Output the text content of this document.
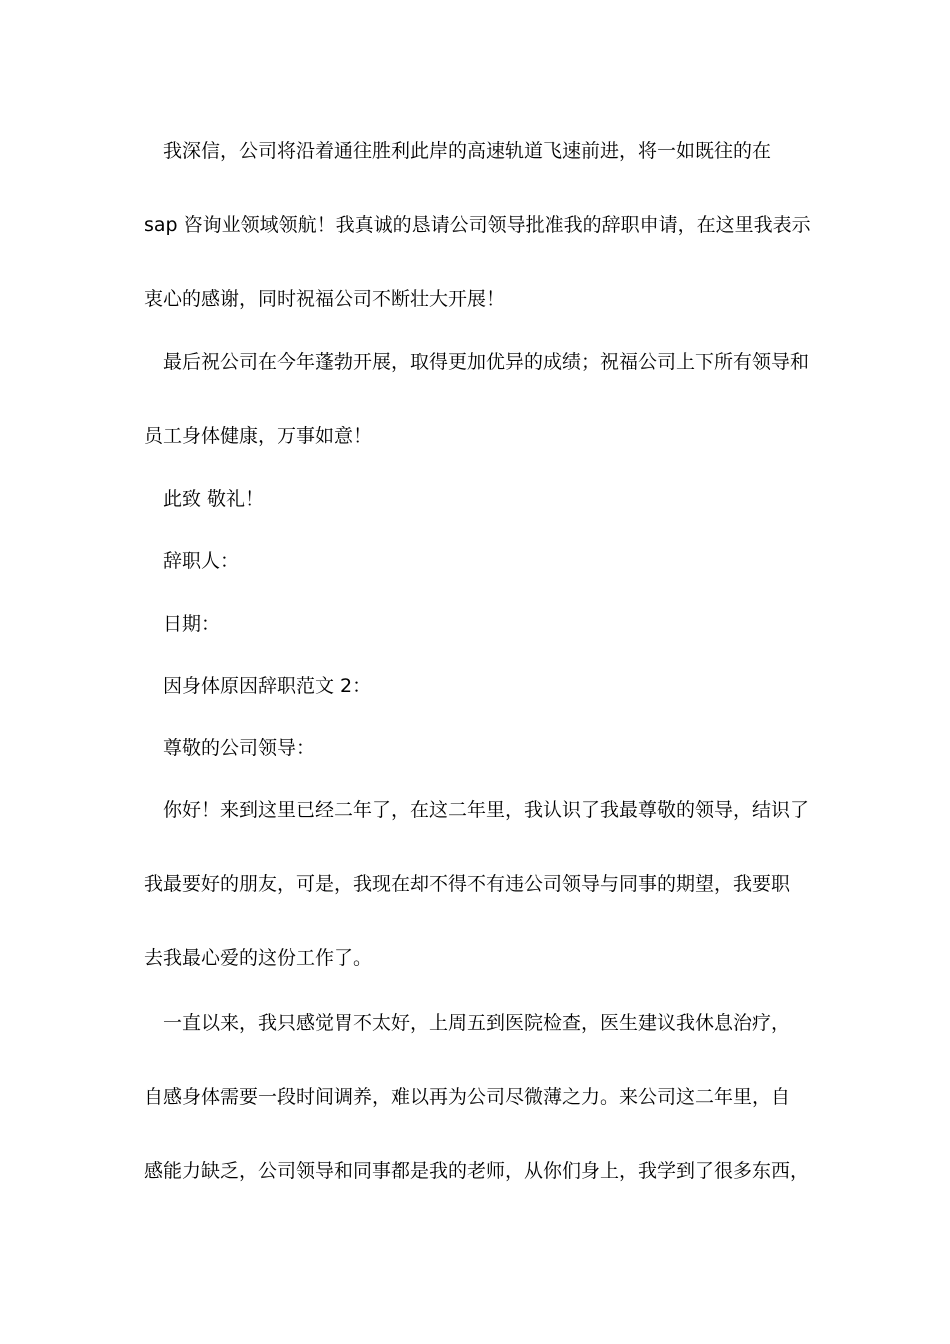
我深信，公司将沿着通往胜利此岸的高速轨道飞速前进，将一如既往的在
sap 咨询业领域领航！我真诚的恳请公司领导批准我的辞职申请，在这里我表示
衷心的感谢，同时祝福公司不断壮大开展！
最后祝公司在今年蓬勃开展，取得更加优异的成绩；祝福公司上下所有领导和
员工身体健康，万事如意！
此致 敬礼！
辞职人：
日期：
因身体原因辞职范文 2：
尊敬的公司领导：
你好！来到这里已经二年了，在这二年里，我认识了我最尊敬的领导，结识了
我最要好的朋友，可是，我现在却不得不有违公司领导与同事的期望，我要职
去我最心爱的这份工作了。
一直以来，我只感觉胃不太好，上周五到医院检查，医生建议我休息治疗，
自感身体需要一段时间调养，难以再为公司尽微薄之力。来公司这二年里，自
感能力缺乏，公司领导和同事都是我的老师，从你们身上，我学到了很多东西，
